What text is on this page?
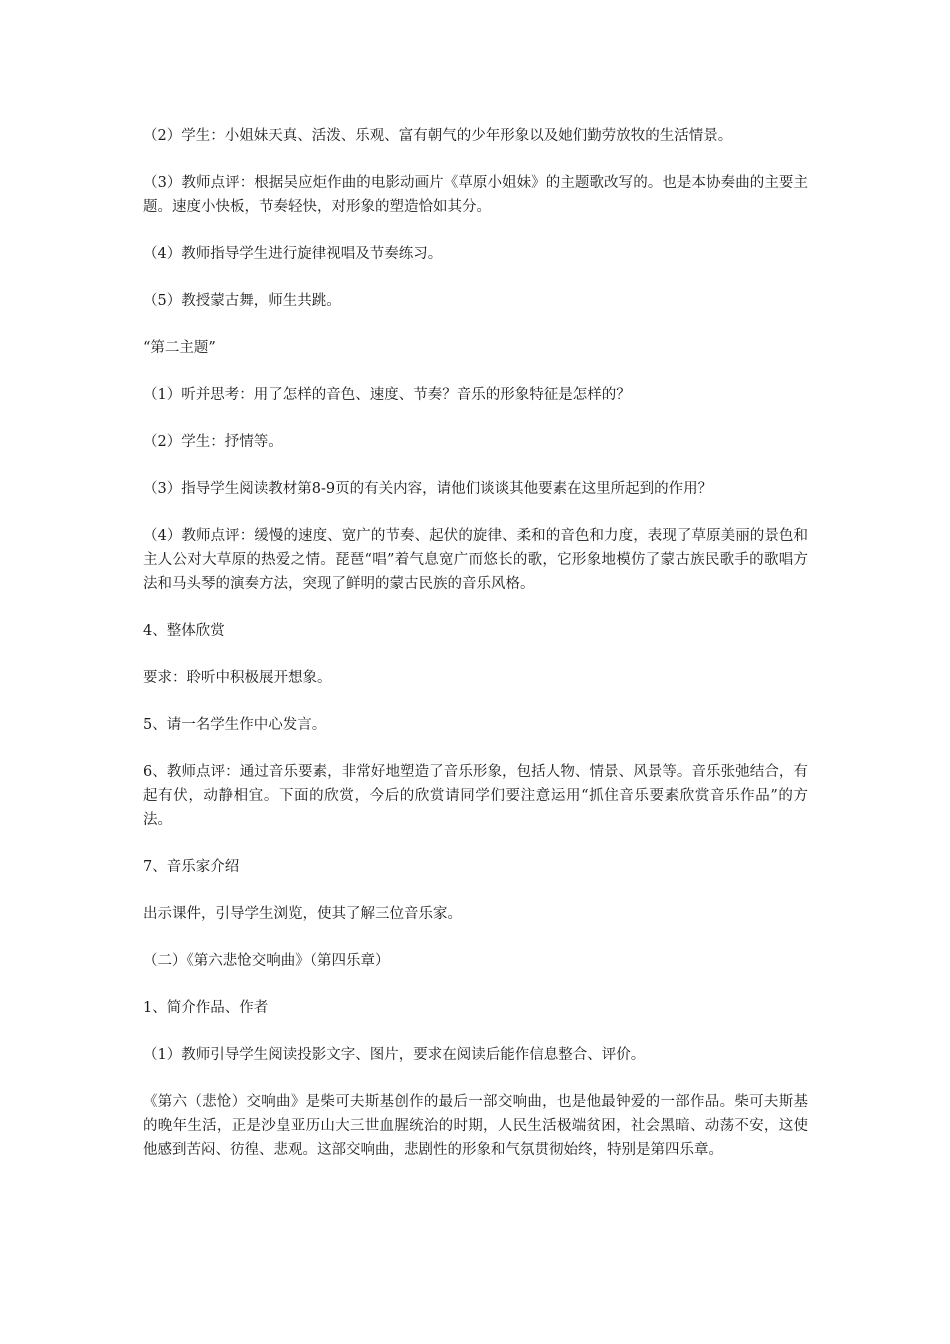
（2）学生：小姐妹天真、活泼、乐观、富有朝气的少年形象以及她们勤劳放牧的生活情景。

（3）教师点评：根据吴应炬作曲的电影动画片《草原小姐妹》的主题歌改写的。也是本协奏曲的主要主题。速度小快板，节奏轻快，对形象的塑造恰如其分。

（4）教师指导学生进行旋律视唱及节奏练习。

（5）教授蒙古舞，师生共跳。

“第二主题”

（1）听并思考：用了怎样的音色、速度、节奏？音乐的形象特征是怎样的？

（2）学生：抒情等。

（3）指导学生阅读教材第8-9页的有关内容，请他们谈谈其他要素在这里所起到的作用？

（4）教师点评：缓慢的速度、宽广的节奏、起伏的旋律、柔和的音色和力度，表现了草原美丽的景色和主人公对大草原的热爱之情。琵琶“唱”着气息宽广而悠长的歌，它形象地模仿了蒙古族民歌手的歌唱方法和马头琴的演奏方法，突现了鲜明的蒙古民族的音乐风格。

4、整体欣赏

要求：聆听中积极展开想象。

5、请一名学生作中心发言。

6、教师点评：通过音乐要素，非常好地塑造了音乐形象，包括人物、情景、风景等。音乐张弛结合，有起有伏，动静相宜。下面的欣赏，今后的欣赏请同学们要注意运用“抓住音乐要素欣赏音乐作品”的方法。

7、音乐家介绍

出示课件，引导学生浏览，使其了解三位音乐家。

（二）《第六悲怆交响曲》（第四乐章）

1、简介作品、作者

（1）教师引导学生阅读投影文字、图片，要求在阅读后能作信息整合、评价。

《第六（悲怆）交响曲》是柴可夫斯基创作的最后一部交响曲，也是他最钟爱的一部作品。柴可夫斯基的晚年生活，正是沙皇亚历山大三世血腥统治的时期，人民生活极端贫困，社会黑暗、动荡不安，这使他感到苦闷、彷徨、悲观。这部交响曲，悲剧性的形象和气氛贯彻始终，特别是第四乐章。
